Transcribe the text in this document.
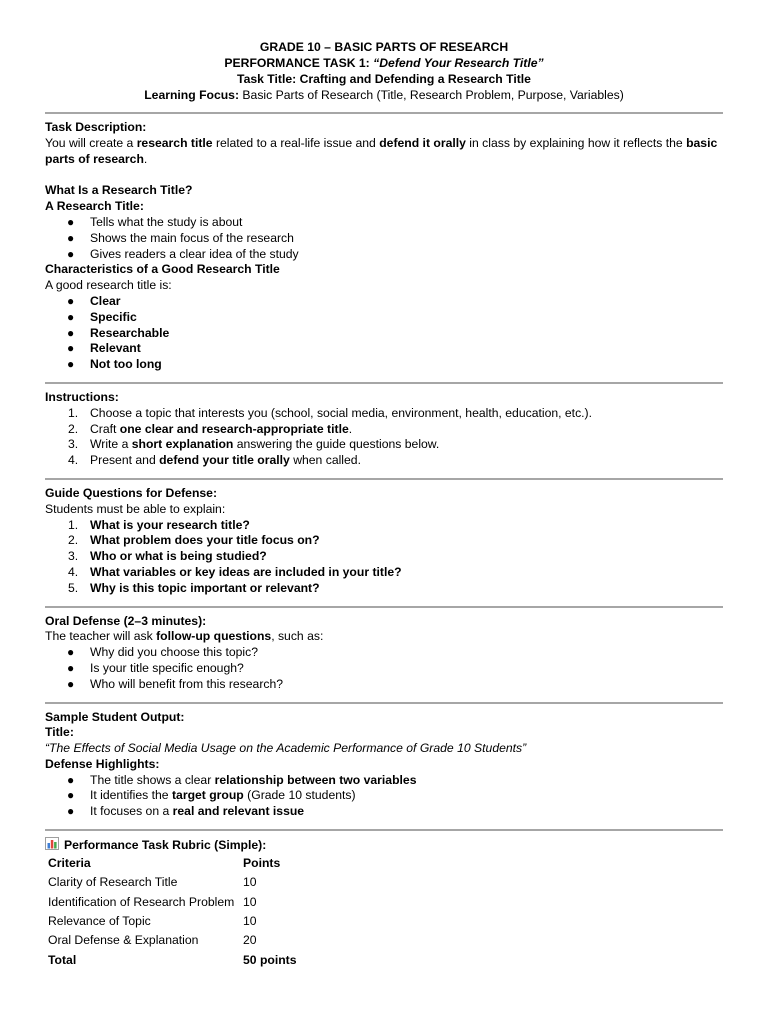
GRADE 10 – BASIC PARTS OF RESEARCH
PERFORMANCE TASK 1: “Defend Your Research Title”
Task Title: Crafting and Defending a Research Title
Learning Focus: Basic Parts of Research (Title, Research Problem, Purpose, Variables)
Task Description:
You will create a research title related to a real-life issue and defend it orally in class by explaining how it reflects the basic parts of research.
What Is a Research Title?
A Research Title:
● Tells what the study is about
● Shows the main focus of the research
● Gives readers a clear idea of the study
Characteristics of a Good Research Title
A good research title is:
● Clear
● Specific
● Researchable
● Relevant
● Not too long
Instructions:
1. Choose a topic that interests you (school, social media, environment, health, education, etc.).
2. Craft one clear and research-appropriate title.
3. Write a short explanation answering the guide questions below.
4. Present and defend your title orally when called.
Guide Questions for Defense:
Students must be able to explain:
1. What is your research title?
2. What problem does your title focus on?
3. Who or what is being studied?
4. What variables or key ideas are included in your title?
5. Why is this topic important or relevant?
Oral Defense (2–3 minutes):
The teacher will ask follow-up questions, such as:
● Why did you choose this topic?
● Is your title specific enough?
● Who will benefit from this research?
Sample Student Output:
Title:
“The Effects of Social Media Usage on the Academic Performance of Grade 10 Students”
Defense Highlights:
● The title shows a clear relationship between two variables
● It identifies the target group (Grade 10 students)
● It focuses on a real and relevant issue
Performance Task Rubric (Simple):
Criteria	Points
Clarity of Research Title	10
Identification of Research Problem	10
Relevance of Topic	10
Oral Defense & Explanation	20
Total	50 points
